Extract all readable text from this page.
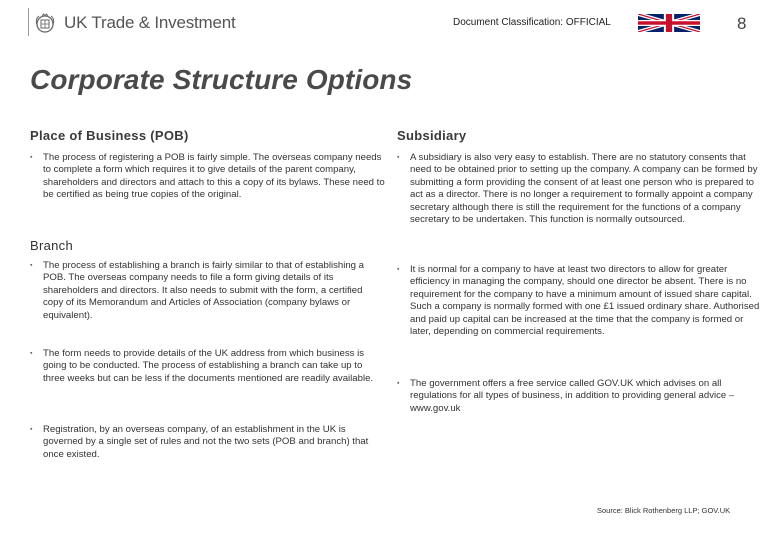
UK Trade & Investment	Document Classification: OFFICIAL	8
Corporate Structure Options
Place of Business (POB)
▪ The process of registering a POB is fairly simple. The overseas company needs to complete a form which requires it to give details of the parent company, shareholders and directors and attach to this a copy of its bylaws. These need to be certified as being true copies of the original.
Branch
▪ The process of establishing a branch is fairly similar to that of establishing a POB. The overseas company needs to file a form giving details of its shareholders and directors. It also needs to submit with the form, a certified copy of its Memorandum and Articles of Association (company bylaws or equivalent).
▪ The form needs to provide details of the UK address from which business is going to be conducted. The process of establishing a branch can take up to three weeks but can be less if the documents mentioned are readily available.
▪ Registration, by an overseas company, of an establishment in the UK is governed by a single set of rules and not the two sets (POB and branch) that once existed.
Subsidiary
▪ A subsidiary is also very easy to establish. There are no statutory consents that need to be obtained prior to setting up the company. A company can be formed by submitting a form providing the consent of at least one person who is prepared to act as a director. There is no longer a requirement to formally appoint a company secretary although there is still the requirement for the functions of a company secretary to be undertaken. This function is normally outsourced.
▪ It is normal for a company to have at least two directors to allow for greater efficiency in managing the company, should one director be absent. There is no requirement for the company to have a minimum amount of issued share capital. Such a company is normally formed with one £1 issued ordinary share. Authorised and paid up capital can be increased at the time that the company is formed or later, depending on commercial requirements.
▪ The government offers a free service called GOV.UK which advises on all regulations for all types of business, in addition to providing general advice – www.gov.uk
Source: Blick Rothenberg LLP; GOV.UK
